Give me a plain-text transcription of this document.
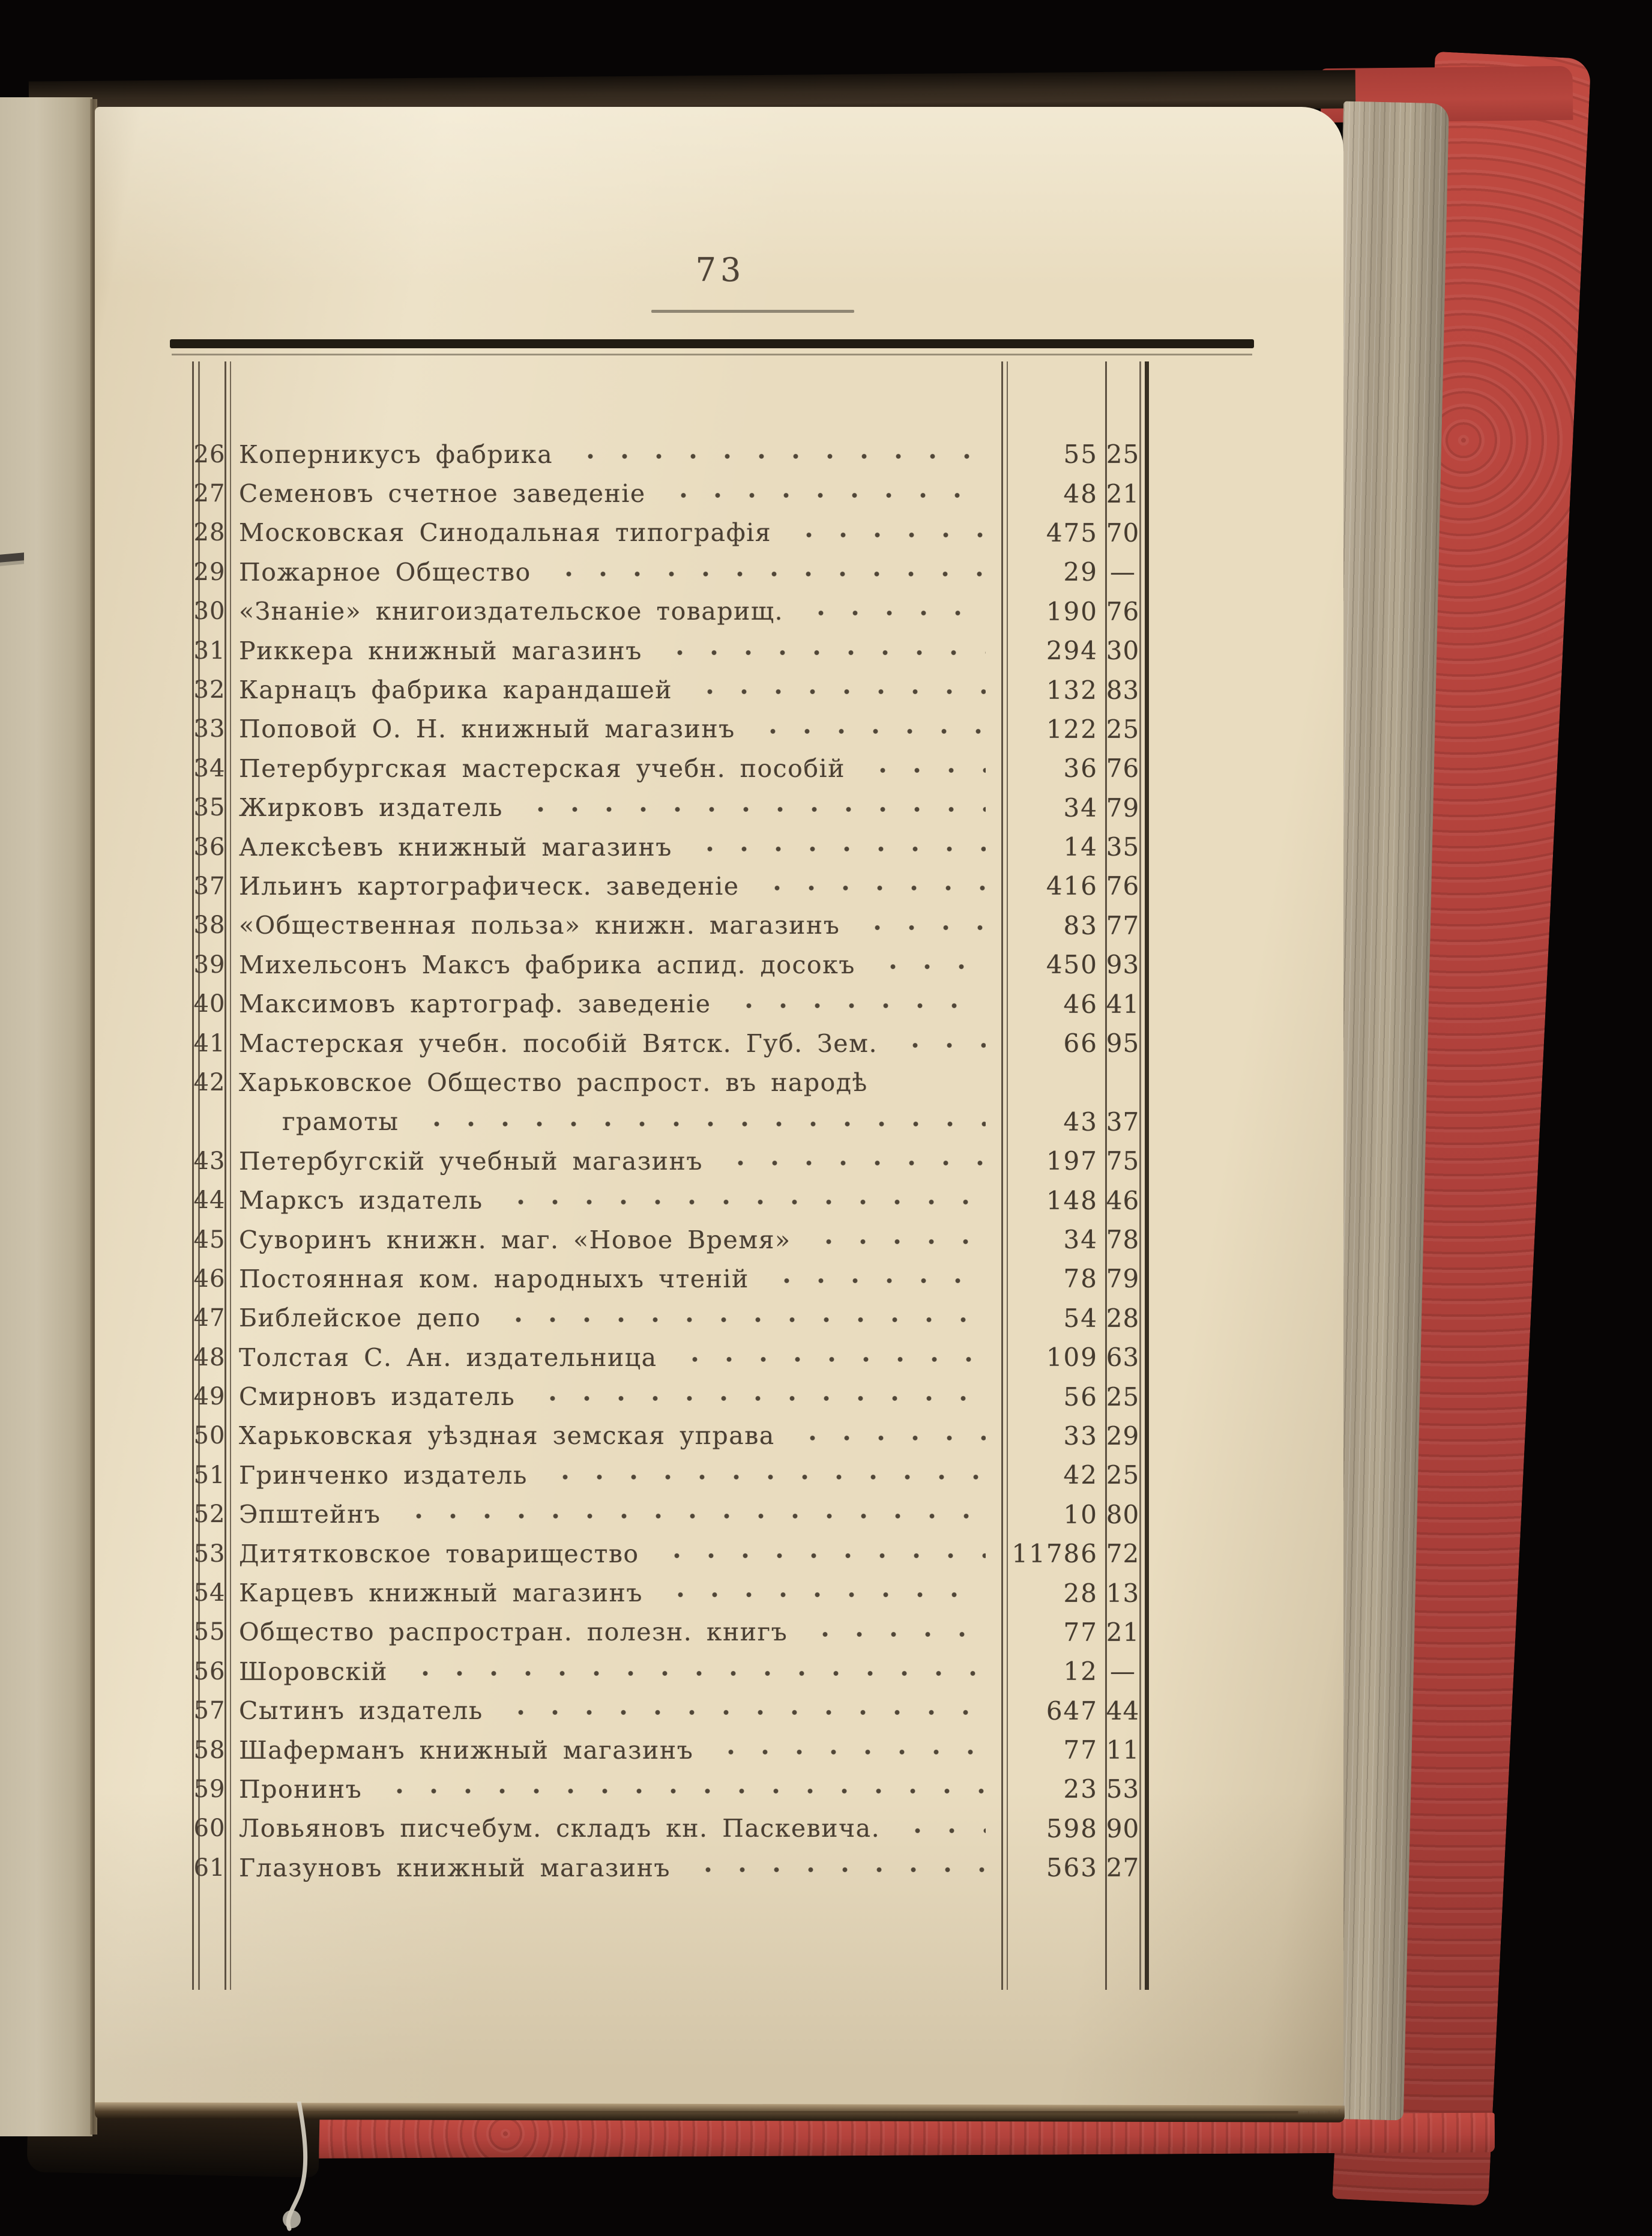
73
26 Коперникусъ фабрика	55 25
27 Семеновъ счетное заведеніе	48 21
28 Московская Синодальная типографія	475 70
29 Пожарное Общество	29 —
30 «Знаніе» книгоиздательское товарищ.	190 76
31 Риккера книжный магазинъ	294 30
32 Карнацъ фабрика карандашей	132 83
33 Поповой О. Н. книжный магазинъ	122 25
34 Петербургская мастерская учебн. пособій	36 76
35 Жирковъ издатель	34 79
36 Алексѣевъ книжный магазинъ	14 35
37 Ильинъ картографическ. заведеніе	416 76
38 «Общественная польза» книжн. магазинъ	83 77
39 Михельсонъ Максъ фабрика аспид. досокъ	450 93
40 Максимовъ картограф. заведеніе	46 41
41 Мастерская учебн. пособій Вятск. Губ. Зем.	66 95
42 Харьковское Общество распрост. въ народѣ
грамоты	43 37
43 Петербугскій учебный магазинъ	197 75
44 Марксъ издатель	148 46
45 Суворинъ книжн. маг. «Новое Время»	34 78
46 Постоянная ком. народныхъ чтеній	78 79
47 Библейское депо	54 28
48 Толстая С. Ан. издательница	109 63
49 Смирновъ издатель	56 25
50 Харьковская уѣздная земская управа	33 29
51 Гринченко издатель	42 25
52 Эпштейнъ	10 80
53 Дитятковское товарищество	11786 72
54 Карцевъ книжный магазинъ	28 13
55 Общество распростран. полезн. книгъ	77 21
56 Шоровскій	12 —
57 Сытинъ издатель	647 44
58 Шаферманъ книжный магазинъ	77 11
59 Пронинъ	23 53
60 Ловьяновъ писчебум. складъ кн. Паскевича.	598 90
61 Глазуновъ книжный магазинъ	563 27
